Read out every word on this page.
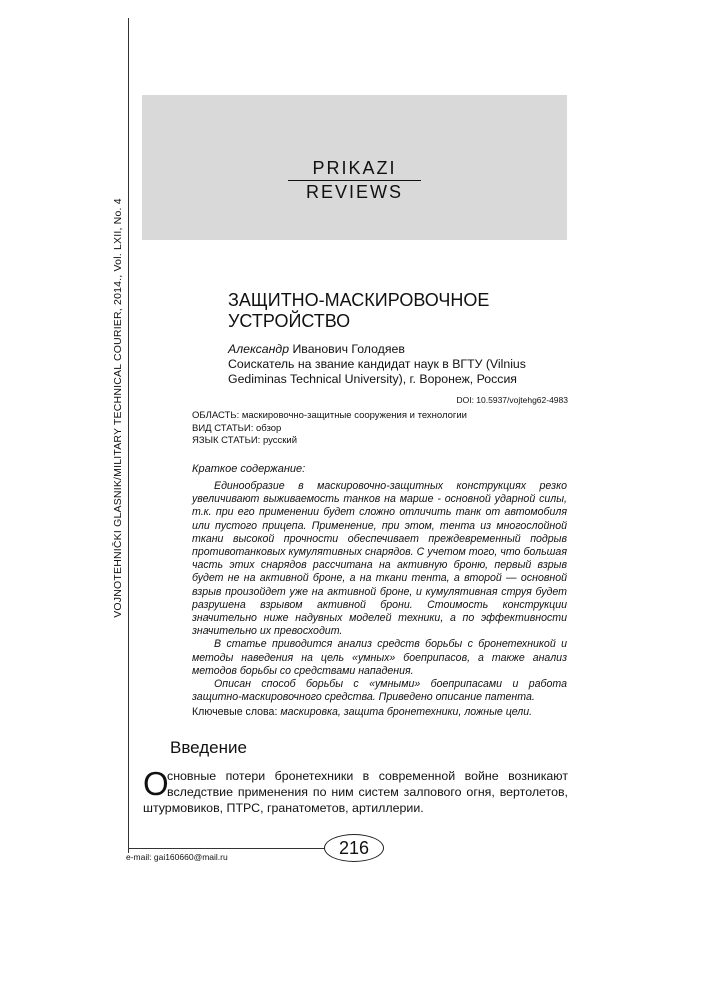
VOJNOTEHNIČKI GLASNIK/MILITARY TECHNICAL COURIER, 2014., Vol. LXII, No. 4
PRIKAZI
REVIEWS
ЗАЩИТНО-МАСКИРОВОЧНОЕ УСТРОЙСТВО
Александр Иванович Голодяев
Соискатель на звание кандидат наук в ВГТУ (Vilnius Gediminas Technical University), г. Воронеж, Россия
DOI: 10.5937/vojtehg62-4983
ОБЛАСТЬ: маскировочно-защитные сооружения и технологии
ВИД СТАТЬИ: обзор
ЯЗЫК СТАТЬИ: русский
Краткое содержание:

Единообразие в маскировочно-защитных конструкциях резко увеличивают выживаемость танков на марше - основной ударной силы, т.к. при его применении будет сложно отличить танк от автомобиля или пустого прицепа. Применение, при этом, тента из многослойной ткани высокой прочности обеспечивает преждевременный подрыв противотанковых кумулятивных снарядов. С учетом того, что большая часть этих снарядов рассчитана на активную броню, первый взрыв будет не на активной броне, а на ткани тента, а второй — основной взрыв произойдет уже на активной броне, и кумулятивная струя будет разрушена взрывом активной брони. Стоимость конструкции значительно ниже надувных моделей техники, а по эффективности значительно их превосходит.

В статье приводится анализ средств борьбы с бронетехникой и методы наведения на цель «умных» боеприпасов, а также анализ методов борьбы со средствами нападения.

Описан способ борьбы с «умными» боеприпасами и работа защитно-маскировочного средства. Приведено описание патента.

Ключевые слова: маскировка, защита бронетехники, ложные цели.
Введение
О
сновные потери бронетехники в современной войне возникают вследствие применения по ним систем залпового огня, вертолетов, штурмовиков, ПТРС, гранатометов, артиллерии.
e-mail: gai160660@mail.ru	216
